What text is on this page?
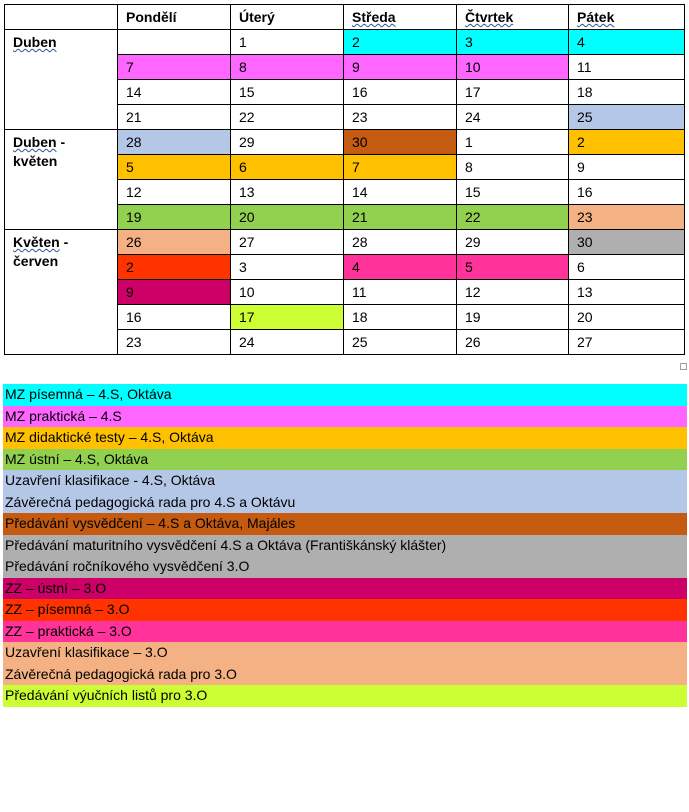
	Pondělí	Úterý	Středa	Čtvrtek	Pátek
Duben		1	2	3	4
	7	8	9	10	11
	14	15	16	17	18
	21	22	23	24	25
Duben -
květen	28	29	30	1	2
	5	6	7	8	9
	12	13	14	15	16
	19	20	21	22	23
Květen -
červen	26	27	28	29	30
	2	3	4	5	6
	9	10	11	12	13
	16	17	18	19	20
	23	24	25	26	27
MZ písemná – 4.S, Oktáva
MZ praktická – 4.S
MZ didaktické testy – 4.S, Oktáva
MZ ústní – 4.S, Oktáva
Uzavření klasifikace - 4.S, Oktáva
Závěrečná pedagogická rada pro 4.S a Oktávu
Předávání vysvědčení – 4.S a Oktáva, Majáles
Předávání maturitního vysvědčení 4.S a Oktáva (Františkánský klášter)
Předávání ročníkového vysvědčení 3.O
ZZ – ústní – 3.O
ZZ – písemná – 3.O
ZZ – praktická – 3.O
Uzavření klasifikace – 3.O
Závěrečná pedagogická rada pro 3.O
Předávání výučních listů pro 3.O
